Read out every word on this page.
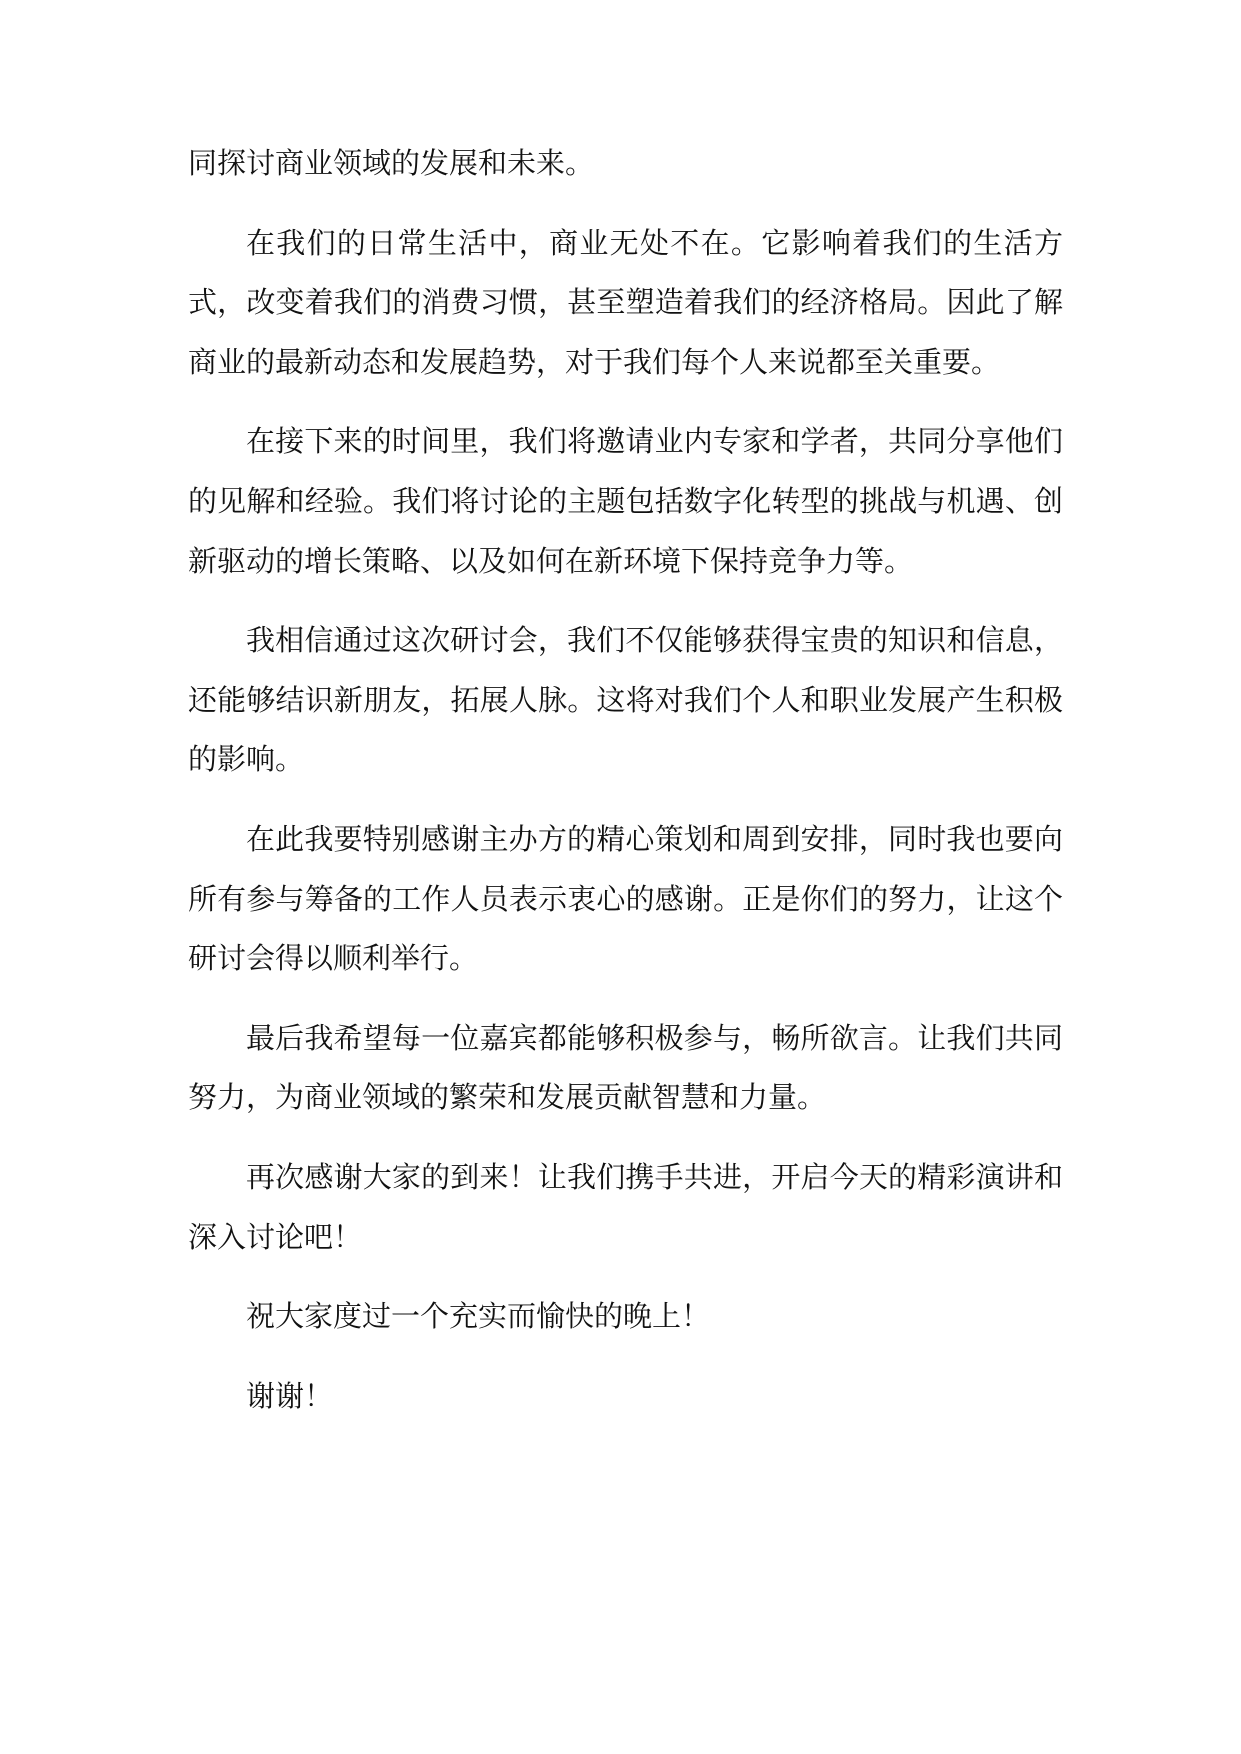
同探讨商业领域的发展和未来。

在我们的日常生活中，商业无处不在。它影响着我们的生活方式，改变着我们的消费习惯，甚至塑造着我们的经济格局。因此了解商业的最新动态和发展趋势，对于我们每个人来说都至关重要。

在接下来的时间里，我们将邀请业内专家和学者，共同分享他们的见解和经验。我们将讨论的主题包括数字化转型的挑战与机遇、创新驱动的增长策略、以及如何在新环境下保持竞争力等。

我相信通过这次研讨会，我们不仅能够获得宝贵的知识和信息，还能够结识新朋友，拓展人脉。这将对我们个人和职业发展产生积极的影响。

在此我要特别感谢主办方的精心策划和周到安排，同时我也要向所有参与筹备的工作人员表示衷心的感谢。正是你们的努力，让这个研讨会得以顺利举行。

最后我希望每一位嘉宾都能够积极参与，畅所欲言。让我们共同努力，为商业领域的繁荣和发展贡献智慧和力量。

再次感谢大家的到来！让我们携手共进，开启今天的精彩演讲和深入讨论吧！

祝大家度过一个充实而愉快的晚上！

谢谢！
